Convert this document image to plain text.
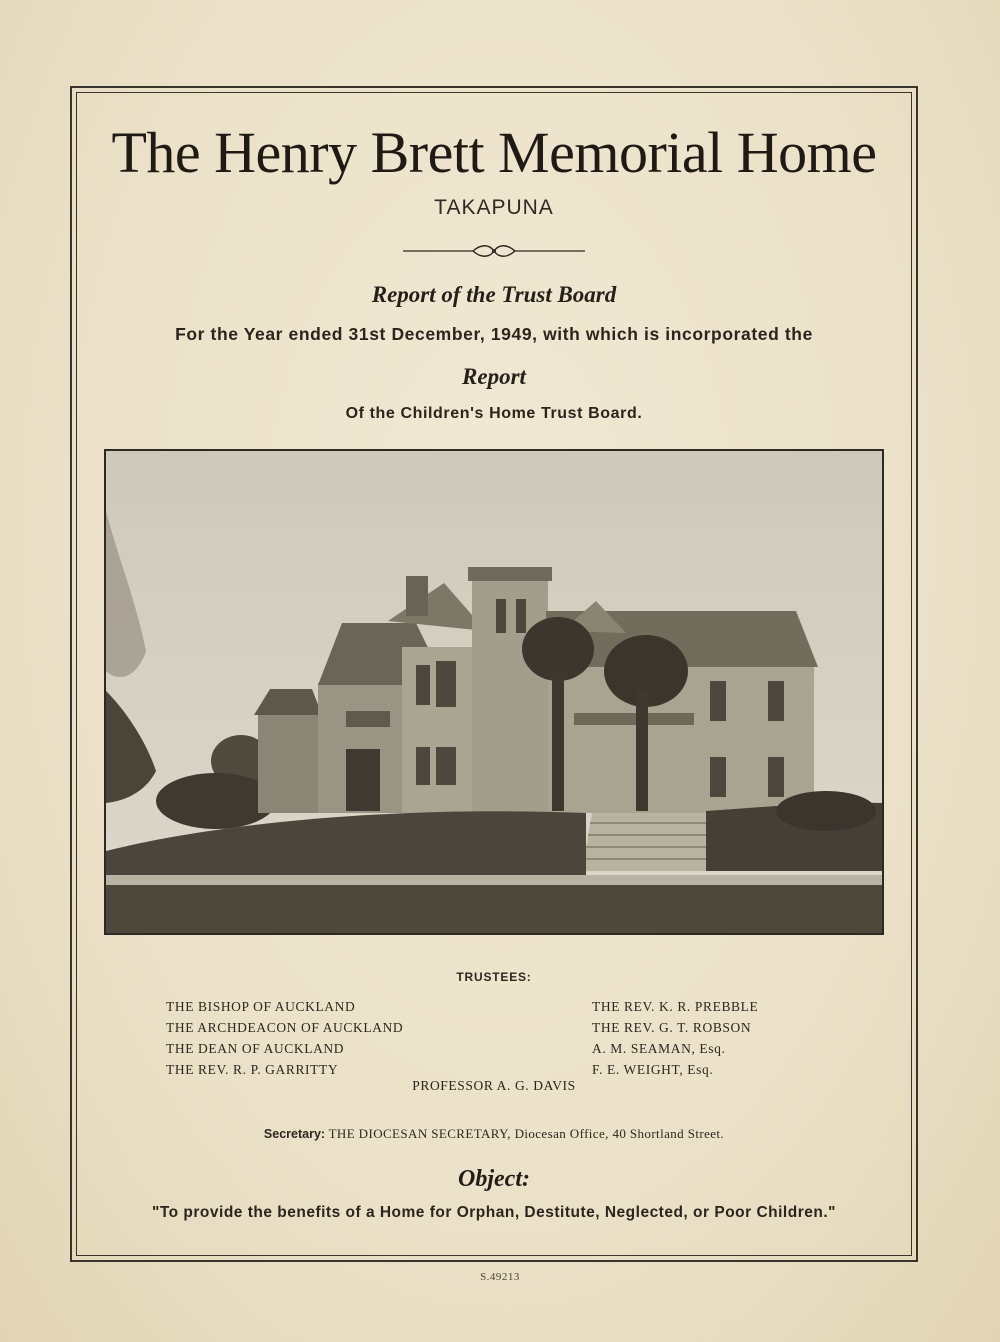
The Henry Brett Memorial Home
TAKAPUNA
Report of the Trust Board
For the Year ended 31st December, 1949, with which is incorporated the
Report
Of the Children's Home Trust Board.
TRUSTEES:
THE BISHOP OF AUCKLAND
THE ARCHDEACON OF AUCKLAND
THE DEAN OF AUCKLAND
THE REV. R. P. GARRITTY
THE REV. K. R. PREBBLE
THE REV. G. T. ROBSON
A. M. SEAMAN, Esq.
F. E. WEIGHT, Esq.
PROFESSOR A. G. DAVIS
Secretary: THE DIOCESAN SECRETARY, Diocesan Office, 40 Shortland Street.
Object:
"To provide the benefits of a Home for Orphan, Destitute, Neglected, or Poor Children."
S.49213
